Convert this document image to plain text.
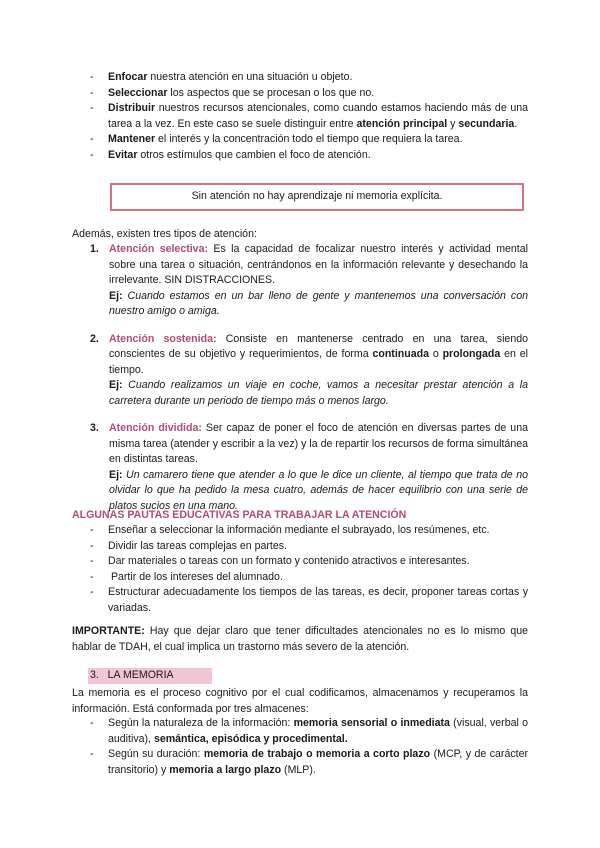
- Enfocar nuestra atención en una situación u objeto.
- Seleccionar los aspectos que se procesan o los que no.
- Distribuir nuestros recursos atencionales, como cuando estamos haciendo más de una tarea a la vez. En este caso se suele distinguir entre atención principal y secundaria.
- Mantener el interés y la concentración todo el tiempo que requiera la tarea.
- Evitar otros estímulos que cambien el foco de atención.
Sin atención no hay aprendizaje ni memoria explícita.
Además, existen tres tipos de atención:
1. Atención selectiva: Es la capacidad de focalizar nuestro interés y actividad mental sobre una tarea o situación, centrándonos en la información relevante y desechando la irrelevante. SIN DISTRACCIONES.
Ej: Cuando estamos en un bar lleno de gente y mantenemos una conversación con nuestro amigo o amiga.
2. Atención sostenida: Consiste en mantenerse centrado en una tarea, siendo conscientes de su objetivo y requerimientos, de forma continuada o prolongada en el tiempo.
Ej: Cuando realizamos un viaje en coche, vamos a necesitar prestar atención a la carretera durante un periodo de tiempo más o menos largo.
3. Atención dividida: Ser capaz de poner el foco de atención en diversas partes de una misma tarea (atender y escribir a la vez) y la de repartir los recursos de forma simultánea en distintas tareas.
Ej: Un camarero tiene que atender a lo que le dice un cliente, al tiempo que trata de no olvidar lo que ha pedido la mesa cuatro, además de hacer equilibrio con una serie de platos sucios en una mano.
ALGUNAS PAUTAS EDUCATIVAS PARA TRABAJAR LA ATENCIÓN
- Enseñar a seleccionar la información mediante el subrayado, los resúmenes, etc.
- Dividir las tareas complejas en partes.
- Dar materiales o tareas con un formato y contenido atractivos e interesantes.
-  Partir de los intereses del alumnado.
- Estructurar adecuadamente los tiempos de las tareas, es decir, proponer tareas cortas y variadas.
IMPORTANTE: Hay que dejar claro que tener dificultades atencionales no es lo mismo que hablar de TDAH, el cual implica un trastorno más severo de la atención.
3.   LA MEMORIA
La memoria es el proceso cognitivo por el cual codificamos, almacenamos y recuperamos la información. Está conformada por tres almacenes:
- Según la naturaleza de la información: memoria sensorial o inmediata (visual, verbal o auditiva), semántica, episódica y procedimental.
- Según su duración: memoria de trabajo o memoria a corto plazo (MCP, y de carácter transitorio) y memoria a largo plazo (MLP).
